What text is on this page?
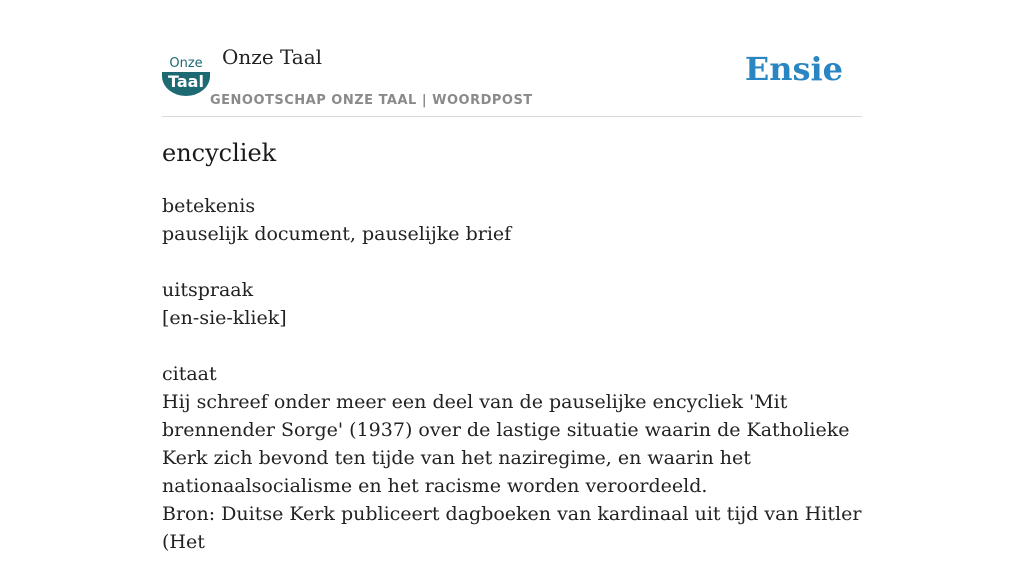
Onze
Taal
Onze Taal
GENOOTSCHAP ONZE TAAL | WOORDPOST
Ensie
encycliek
betekenis
pauselijk document, pauselijke brief
uitspraak
[en-sie-kliek]
citaat
Hij schreef onder meer een deel van de pauselijke encycliek 'Mit brennender Sorge' (1937) over de lastige situatie waarin de Katholieke Kerk zich bevond ten tijde van het naziregime, en waarin het nationaalsocialisme en het racisme worden veroordeeld.
Bron: Duitse Kerk publiceert dagboeken van kardinaal uit tijd van Hitler (Het
